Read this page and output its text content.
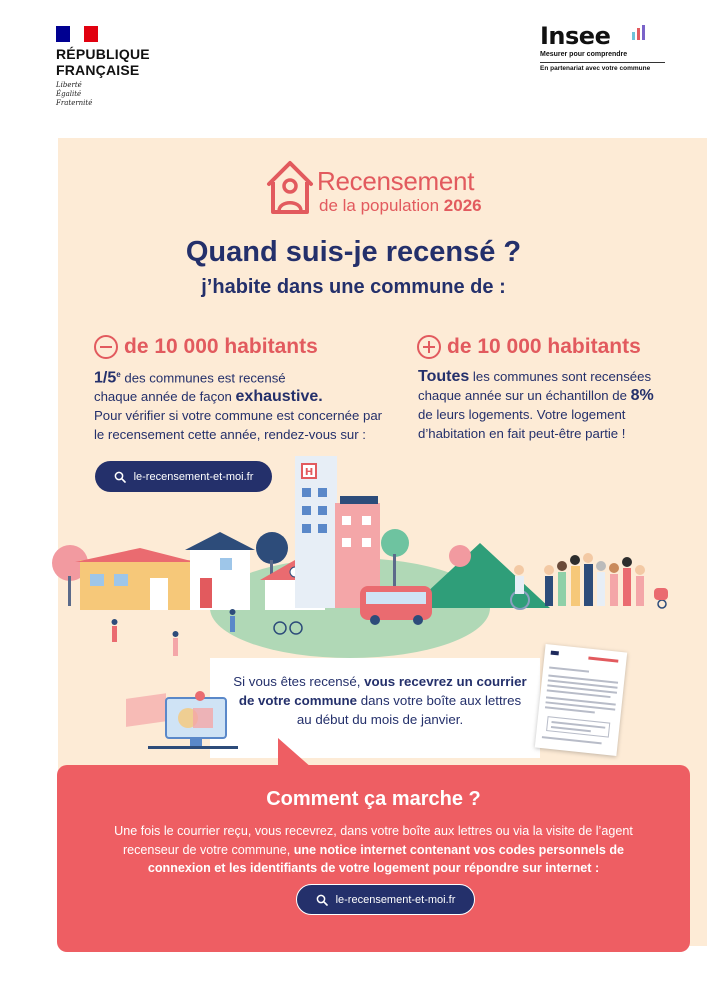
RÉPUBLIQUE
FRANÇAISE
Liberté
Égalité
Fraternité
Insee
Mesurer pour comprendre
En partenariat avec votre commune
Recensement
de la population 2026
Quand suis-je recensé ?
j’habite dans une commune de :
de 10 000 habitants	de 10 000 habitants
1/5e des communes est recensé
chaque année de façon exhaustive.
Pour vérifier si votre commune est concernée par le recensement cette année, rendez-vous sur :
le-recensement-et-moi.fr
Toutes les communes sont recensées
chaque année sur un échantillon de 8%
de leurs logements. Votre logement d’habitation en fait peut-être partie !
H
Si vous êtes recensé, vous recevrez un courrier de votre commune dans votre boîte aux lettres au début du mois de janvier.
Comment ça marche ?
Une fois le courrier reçu, vous recevrez, dans votre boîte aux lettres ou via la visite de l’agent recenseur de votre commune, une notice internet contenant vos codes personnels de connexion et les identifiants de votre logement pour répondre sur internet :
le-recensement-et-moi.fr
